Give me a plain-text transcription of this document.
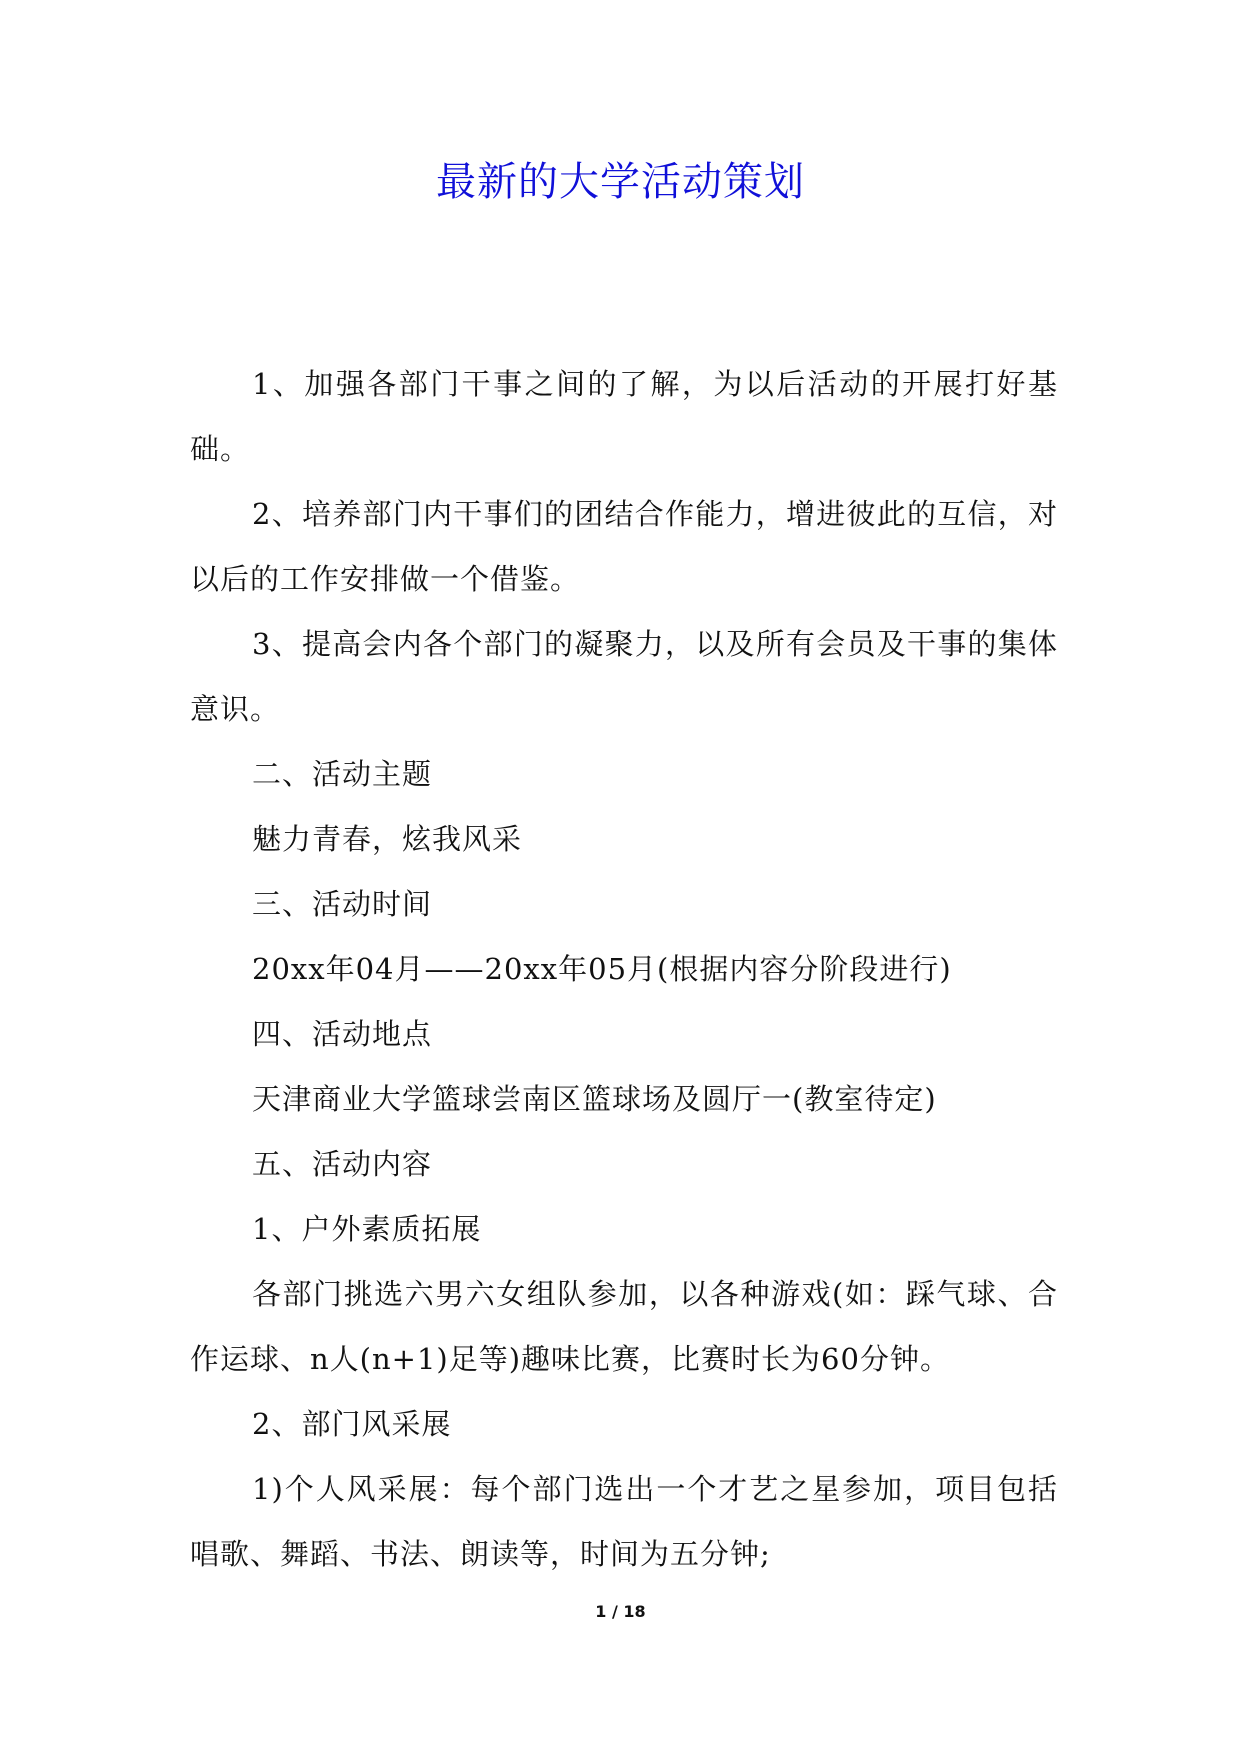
最新的大学活动策划

1、加强各部门干事之间的了解，为以后活动的开展打好基础。

2、培养部门内干事们的团结合作能力，增进彼此的互信，对以后的工作安排做一个借鉴。

3、提高会内各个部门的凝聚力，以及所有会员及干事的集体意识。

二、活动主题

魅力青春，炫我风采

三、活动时间

20xx年04月——20xx年05月(根据内容分阶段进行)

四、活动地点

天津商业大学篮球尝南区篮球场及圆厅一(教室待定)

五、活动内容

1、户外素质拓展

各部门挑选六男六女组队参加，以各种游戏(如：踩气球、合作运球、n人(n+1)足等)趣味比赛，比赛时长为60分钟。

2、部门风采展

1)个人风采展：每个部门选出一个才艺之星参加，项目包括唱歌、舞蹈、书法、朗读等，时间为五分钟;

1 / 18
